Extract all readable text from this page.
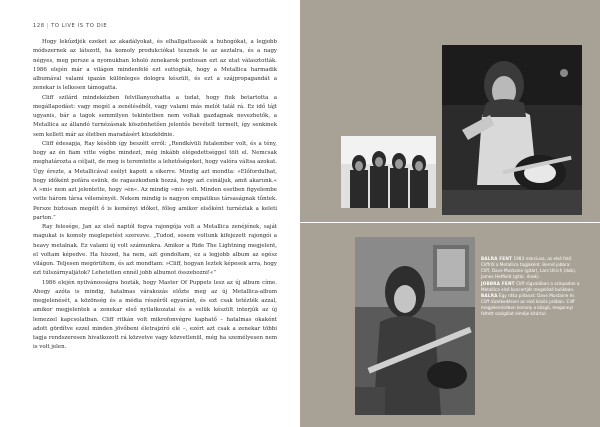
128 | TO LIVE IS TO DIE

Hogy lekűzdjék ezeket az akadályokat, és elhallgattassák a huhogókat, a legjobb módszernek az látszott, ha komoly produkciókat tesznek le az asztalra, és a nagy négyes, meg persze a nyomukban loholó zenekarok pontosan ezt az utat választották. 1986 elején már a világon mindenfelé ezt suttogták, hogy a Metallica harmadik albumával valami igazán különleges dologra készült, és ezt a szájpropagandát a zenekar is lelkesen támogatta.

Cliff szilárd mindekézben felvillanyozhatta a tudat, hogy fiuk betartotta a megállapodást: vagy megél a zenéléséből, vagy valami más melót talál rá. Ez idő tájt ugyanis, bár a tagok semmilyen tekintetben nem voltak gazdagnak nevezhetők, a Metallica az állandó turnézásnak köszönhetően jelentős bevételt termelt, így senkinek sem kellett már az életben maradásért küszködnie.

Cliff édesapja, Ray később így beszélt erről: „Rendkívüli futalember volt, és a tény, hogy az én fiam vitte végbe mindezt, még inkább elégedettséggel tölt el. Nemcsak meghatározta a céljait, de meg is teremtette a lehetőségeket, hogy valóra váltsa azokat. Úgy érezte, a Metallicával esélyt kapott a sikerre. Mindig azt mondta: »Előfordulhat, hogy időként pofára esünk, de ragaszkodunk hozzá, hogy azt csináljuk, amit akarunk.« A »mi« nem azt jelentette, hogy »én«. Az mindig »mi« volt. Minden esetben figyelembe vette három társa véleményét. Nekem mindig is nagyon empatikus társaságnak tűntek. Persze biztosan megélt ő is keményi időket, főleg amikor elsőként turnéztak a keleti parton.”

Ray felesége, Jan az első naptól fogva rajongója volt a Metallica zenéjének, saját magukat is komoly meglepetést szerezve. „Tudod, sosem voltunk kifejezett rajongói a heavy metalnak. Ez valami új volt számunkra. Amikor a Ride The Lightning megjelent, el voltam képedve. Ha hiszed, ha nem, azt gondoltam, ez a legjobb album az egész világon. Teljesen megörültem, és azt mondtam: »Cliff, hogyan leztek képesek arra, hogy ezt túlszárnyaljátok? Lehetetlen ennél jobb albumot összehozni!«”

1986 elején nyilvánosságra hozták, hogy Master Of Puppets lesz az új album címe. Ahogy azóta is mindig, hatalmas várakozás előzte meg az új Metallica-album megjelenését, a közönség és a média részéről egyaránt, és ezt csak tetézték azzal, amikor megjelentek a zenekar első nyilatkozatai és a velük készült interjúk az új lemezzel kapcsolatban. Cliff ritkán volt mikrofonvégre kaphatő – hatalmas okaként adott gördítve ezzel minden jövőbeni életrajzíró elé –, ezért azt csak a zenekar többi tagja rendszeresen hivatkozott rá közvetve vagy közvetlenül, még ha személyesen nem is volt jelen.

BALRA FENT 1983 márciusa, az első fotó Cliffről a Metallica tagjaként. Bernd jobbra: Cliff, Dave Mustaine (gitár), Lars Ulrich (dob), James Hetfield (gitár, ének).

JOBBRA FENT Cliff rögvalóban a színpadon a Metallica első koncertjét megelőző bulikban.

BALRA Egy ritka pillanat: Dave Mustaine és Cliff rözelkedéssel az első közös próbán. Cliff megjelenésében komoly a közgű, megannyi feltett szolgálat elméje kitártul.
